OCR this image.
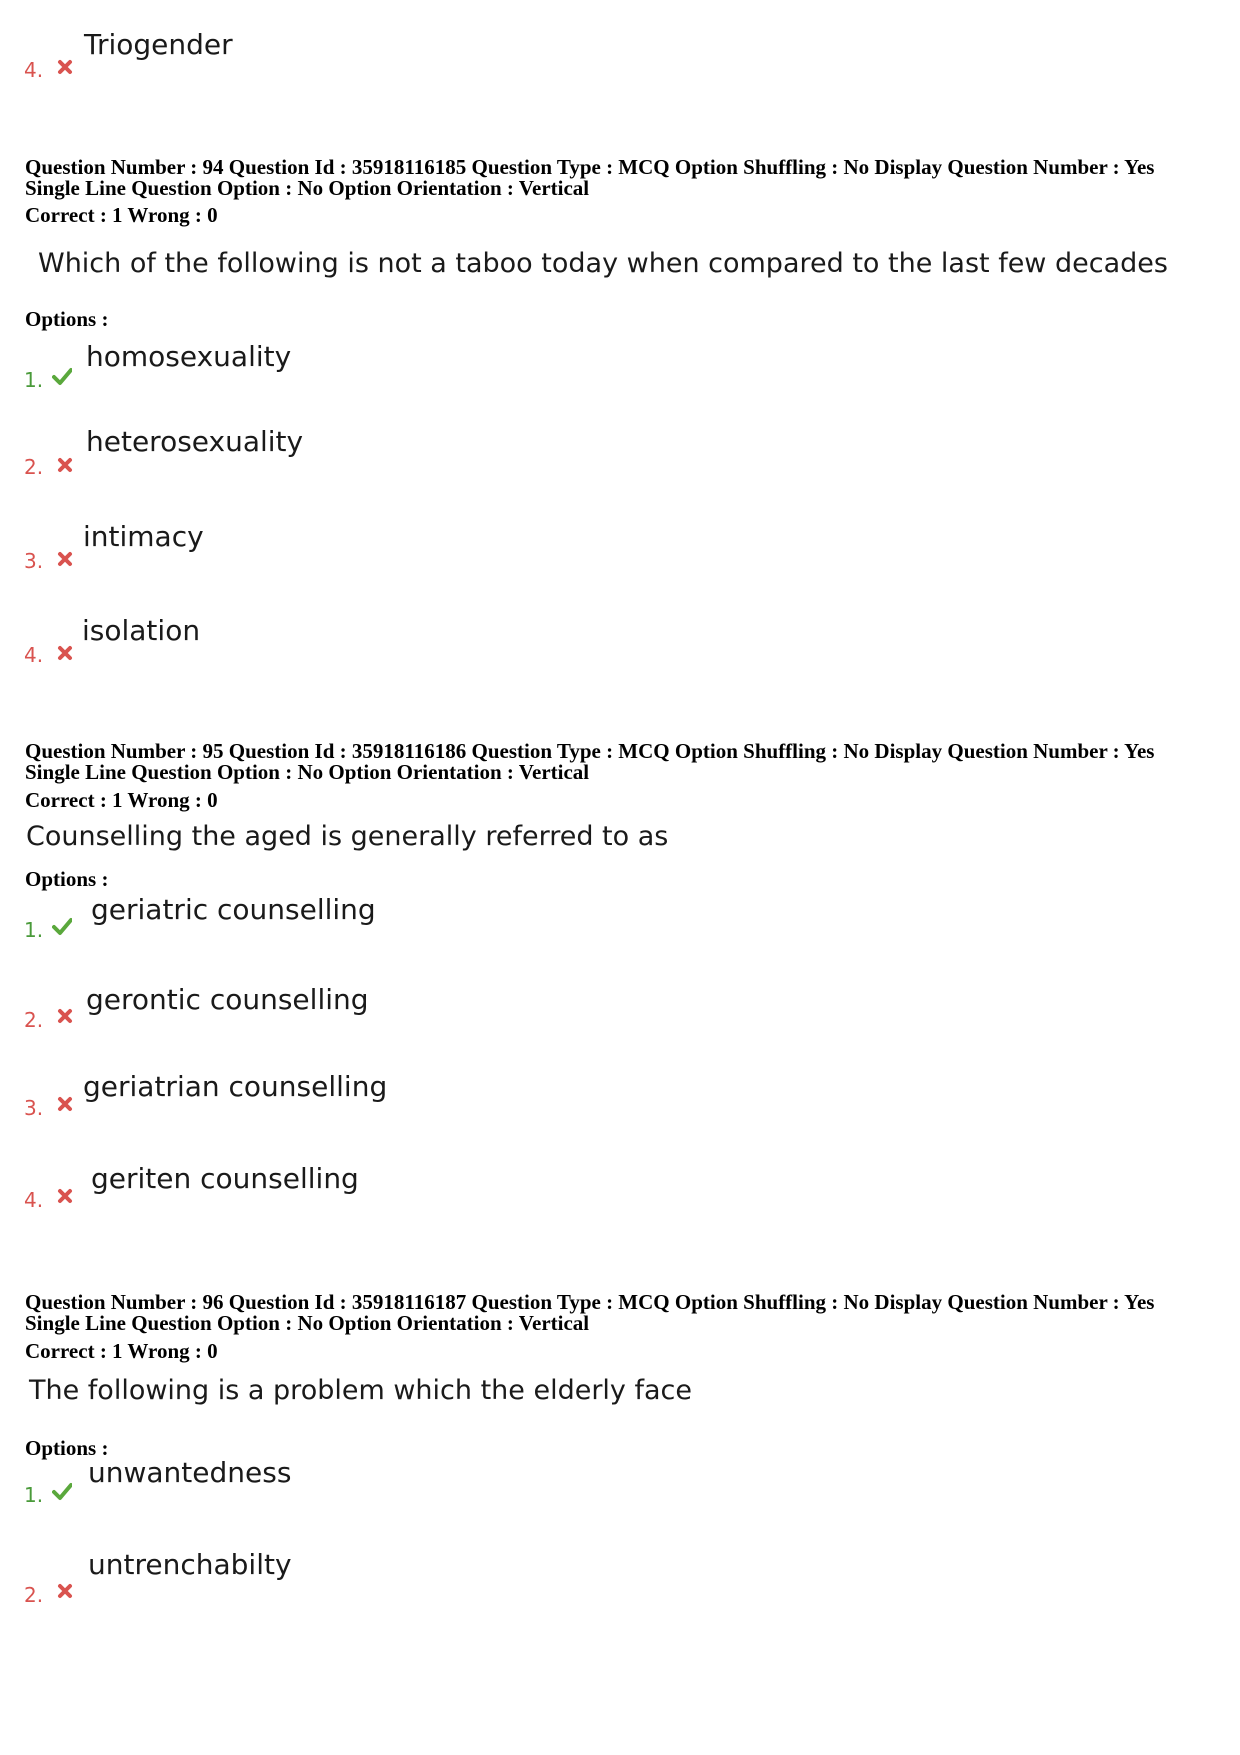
4.
Triogender
Question Number : 94 Question Id : 35918116185 Question Type : MCQ Option Shuffling : No Display Question Number : Yes
Single Line Question Option : No Option Orientation : Vertical
Correct : 1 Wrong : 0
Which of the following is not a taboo today when compared to the last few decades
Options :
1.
homosexuality
2.
heterosexuality
3.
intimacy
4.
isolation
Question Number : 95 Question Id : 35918116186 Question Type : MCQ Option Shuffling : No Display Question Number : Yes
Single Line Question Option : No Option Orientation : Vertical
Correct : 1 Wrong : 0
Counselling the aged is generally referred to as
Options :
1.
geriatric counselling
2.
gerontic counselling
3.
geriatrian counselling
4.
geriten counselling
Question Number : 96 Question Id : 35918116187 Question Type : MCQ Option Shuffling : No Display Question Number : Yes
Single Line Question Option : No Option Orientation : Vertical
Correct : 1 Wrong : 0
The following is a problem which the elderly face
Options :
1.
unwantedness
2.
untrenchabilty
